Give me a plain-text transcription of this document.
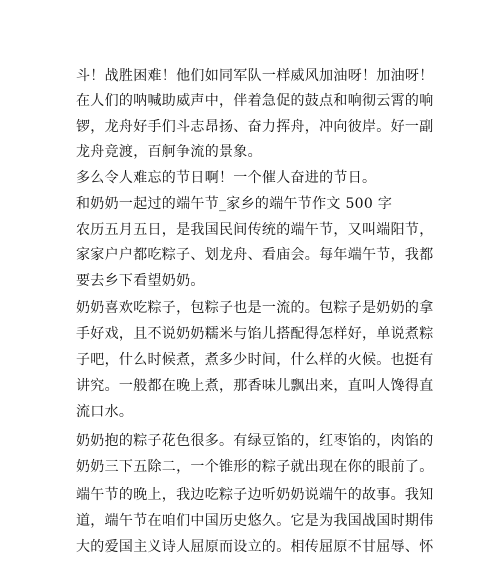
斗！战胜困难！他们如同军队一样威风加油呀！加油呀！
在人们的呐喊助威声中，伴着急促的鼓点和响彻云霄的响
锣，龙舟好手们斗志昂扬、奋力挥舟，冲向彼岸。好一副
龙舟竞渡，百舸争流的景象。
多么令人难忘的节日啊！一个催人奋进的节日。
和奶奶一起过的端午节_家乡的端午节作文 500 字
农历五月五日，是我国民间传统的端午节，又叫端阳节，
家家户户都吃粽子、划龙舟、看庙会。每年端午节，我都
要去乡下看望奶奶。
奶奶喜欢吃粽子，包粽子也是一流的。包粽子是奶奶的拿
手好戏，且不说奶奶糯米与馅儿搭配得怎样好，单说煮粽
子吧，什么时候煮，煮多少时间，什么样的火候。也挺有
讲究。一般都在晚上煮，那香味儿飘出来，直叫人馋得直
流口水。
奶奶抱的粽子花色很多。有绿豆馅的，红枣馅的，肉馅的
奶奶三下五除二，一个锥形的粽子就出现在你的眼前了。
端午节的晚上，我边吃粽子边听奶奶说端午的故事。我知
道，端午节在咱们中国历史悠久。它是为我国战国时期伟
大的爱国主义诗人屈原而设立的。相传屈原不甘屈辱、怀
